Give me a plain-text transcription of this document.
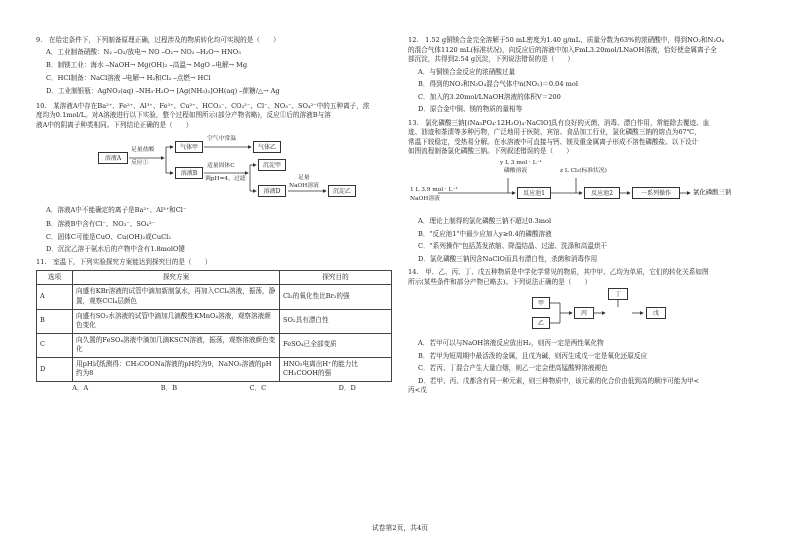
9.　在给定条件下，下列制备原理正确，过程涉及的物质转化均可实现的是（　　）
A．工业制备硝酸：N₂ ⎯O₂/放电→ NO ⎯O₂→ NO₂ ⎯H₂O→ HNO₃
B．制镁工业：海水 ⎯NaOH→ Mg(OH)₂ ⎯高温→ MgO ⎯电解→ Mg
C．HCl制备：NaCl溶液 ⎯电解→ H₂和Cl₂ ⎯点燃→ HCl
D．工业制银瓶：AgNO₃(aq) ⎯NH₃·H₂O→ [Ag(NH₃)₂]OH(aq) ⎯蔗糖/△→ Ag
10.　某溶液A中存在Ba²⁺、Fe²⁺、Al³⁺、Fe³⁺、Cu²⁺、HCO₃⁻、CO₃²⁻、Cl⁻、NO₃⁻、SO₄²⁻中的五种离子，浓
度均为0.1mol/L。对A溶液进行以下实验，整个过程如图所示(部分产物省略)，反应①后的溶液B与溶
液A中的阴离子种类相同。下列结论正确的是（　　）
溶液A
足量盐酸
反应①
气体甲
空气中常温
气体乙
溶液B
适量固体C
调pH=4，过滤
沉淀甲
溶液D
足量
NaOH溶液
沉淀乙
A．溶液A中不能确定的离子是Ba²⁺、Al³⁺和Cl⁻
B．溶液B中含有Cl⁻、NO₃⁻、SO₄²⁻
C．固体C可能是CuO、Cu(OH)₂或CuCl₂
D．沉淀乙溶于氨水后的产物中含有1.8molO键
11.　室温下，下列实验探究方案能达到探究目的是（　　）
选项	探究方案	探究目的
A	向盛有KBr溶液的试管中滴加新制氯水，再加入CCl₄溶液，振荡，静置，观察CCl₄层颜色	Cl₂的氧化性比Br₂的强
B	向盛有SO₂水溶液的试管中滴加几滴酸性KMnO₄溶液，观察溶液颜色变化	SO₂具有漂白性
C	向久置的FeSO₄溶液中滴加几滴KSCN溶液，振荡，观察溶液颜色变化	FeSO₄已全部变质
D	用pH试纸测得：CH₃COONa溶液的pH约为9，NaNO₂溶液的pH约为8	HNO₂电离出H⁺的能力比CH₃COOH的强
A．A	B．B	C．C	D．D
12.　1.52 g铜镁合金完全溶解于50 mL密度为1.40 g/mL、质量分数为63%的浓硝酸中，得到NO₂和N₂O₄
的混合气体1120 mL(标准状况)，向反应后的溶液中加入FmL3.20mol/LNaOH溶液，恰好使金属离子全
部沉淀，共得到2.54 g沉淀，下列说法错误的是（　　）
A．与铜镁合金反应的浓硝酸过量
B．得到的NO₂和N₂O₄混合气体中n(NO₂)＝0.04 mol
C．加入的3.20mol/LNaOH溶液的体积V＝200
D．原合金中铜、镁的物质的量相等
13.　氯化磷酸三钠[(Na₃PO₄·12H₂O)₄·NaClO]具有良好的灭菌、消毒、漂白作用，常能除去覆迹、血
迹、油迹和茶渍等多种污物，广泛地用于医院、宾馆、食品加工行业，氯化磷酸三钠的熔点为67℃，
常温下较稳定，受热易分解。在水溶液中可直接与钙、镁及重金属离子形成不溶性磷酸盐。以下设计
如图流程制备氯化磷酸三钠。下列叙述错误的是（　　）
y L 3 mol · L⁻¹
磷酸溶液	z L Cl₂(标准状况)
1 L 3.9 mol · L⁻¹
NaOH溶液
反应池1	反应池2	一系列操作	氯化磷酸三钠
A．理论上制得的氯化磷酸三钠不超过0.3mol
B．"反应池1"中最少应加入y≥0.4的磷酸溶液
C．"系列操作"包括蒸发浓缩、降温结晶、过滤、洗涤和高温烘干
D．氯化磷酸三钠因含NaClO而具有漂白性，杀菌和消毒作用
14.　甲、乙、丙、丁、戊五种物质是中学化学常见的物质，其中甲、乙均为单质，它们的转化关系如图
所示(某些条件和部分产物已略去)。下列说法正确的是（　　）
甲
乙
丙
丁
戊
A．若甲可以与NaOH溶液反应放出H₂，则丙一定是两性氧化物
B．若甲为短周期中最活泼的金属，且戊为碱，则丙生成戊一定是氧化还原反应
C．若丙、丁混合产生大量白烟，则乙一定会使高锰酸钾溶液褪色
D．若甲、丙、戊都含有同一种元素，则三种物质中，该元素的化合价由低到高的顺序可能为甲<
丙<戊
试卷第2页，共4页
